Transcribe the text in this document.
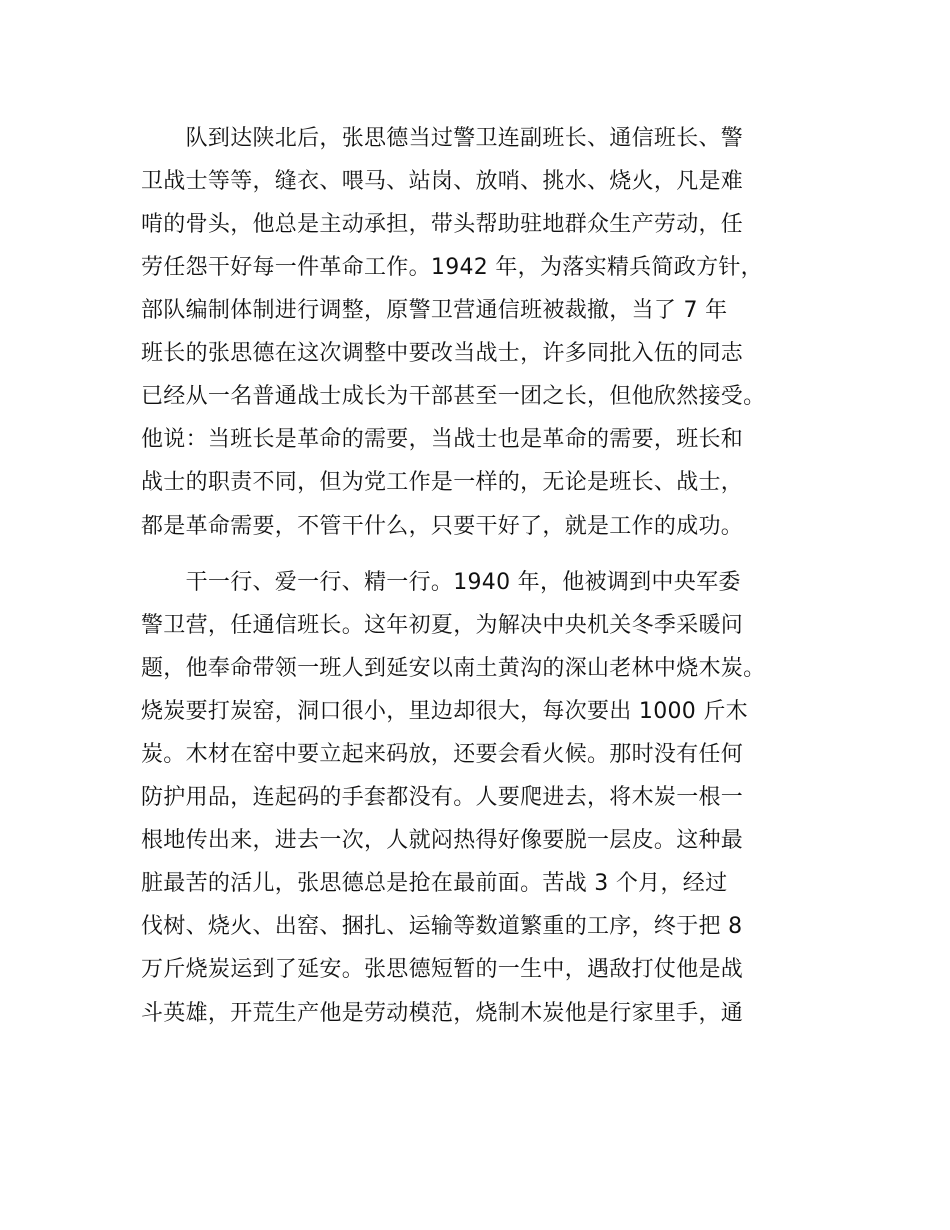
　　队到达陕北后，张思德当过警卫连副班长、通信班长、警
卫战士等等，缝衣、喂马、站岗、放哨、挑水、烧火，凡是难
啃的骨头，他总是主动承担，带头帮助驻地群众生产劳动，任
劳任怨干好每一件革命工作。1942 年，为落实精兵简政方针，
部队编制体制进行调整，原警卫营通信班被裁撤，当了 7 年
班长的张思德在这次调整中要改当战士，许多同批入伍的同志
已经从一名普通战士成长为干部甚至一团之长，但他欣然接受。
他说：当班长是革命的需要，当战士也是革命的需要，班长和
战士的职责不同，但为党工作是一样的，无论是班长、战士，
都是革命需要，不管干什么，只要干好了，就是工作的成功。
　　干一行、爱一行、精一行。1940 年，他被调到中央军委
警卫营，任通信班长。这年初夏，为解决中央机关冬季采暖问
题，他奉命带领一班人到延安以南土黄沟的深山老林中烧木炭。
烧炭要打炭窑，洞口很小，里边却很大，每次要出 1000 斤木
炭。木材在窑中要立起来码放，还要会看火候。那时没有任何
防护用品，连起码的手套都没有。人要爬进去，将木炭一根一
根地传出来，进去一次，人就闷热得好像要脱一层皮。这种最
脏最苦的活儿，张思德总是抢在最前面。苦战 3 个月，经过
伐树、烧火、出窑、捆扎、运输等数道繁重的工序，终于把 8
万斤烧炭运到了延安。张思德短暂的一生中，遇敌打仗他是战
斗英雄，开荒生产他是劳动模范，烧制木炭他是行家里手，通
